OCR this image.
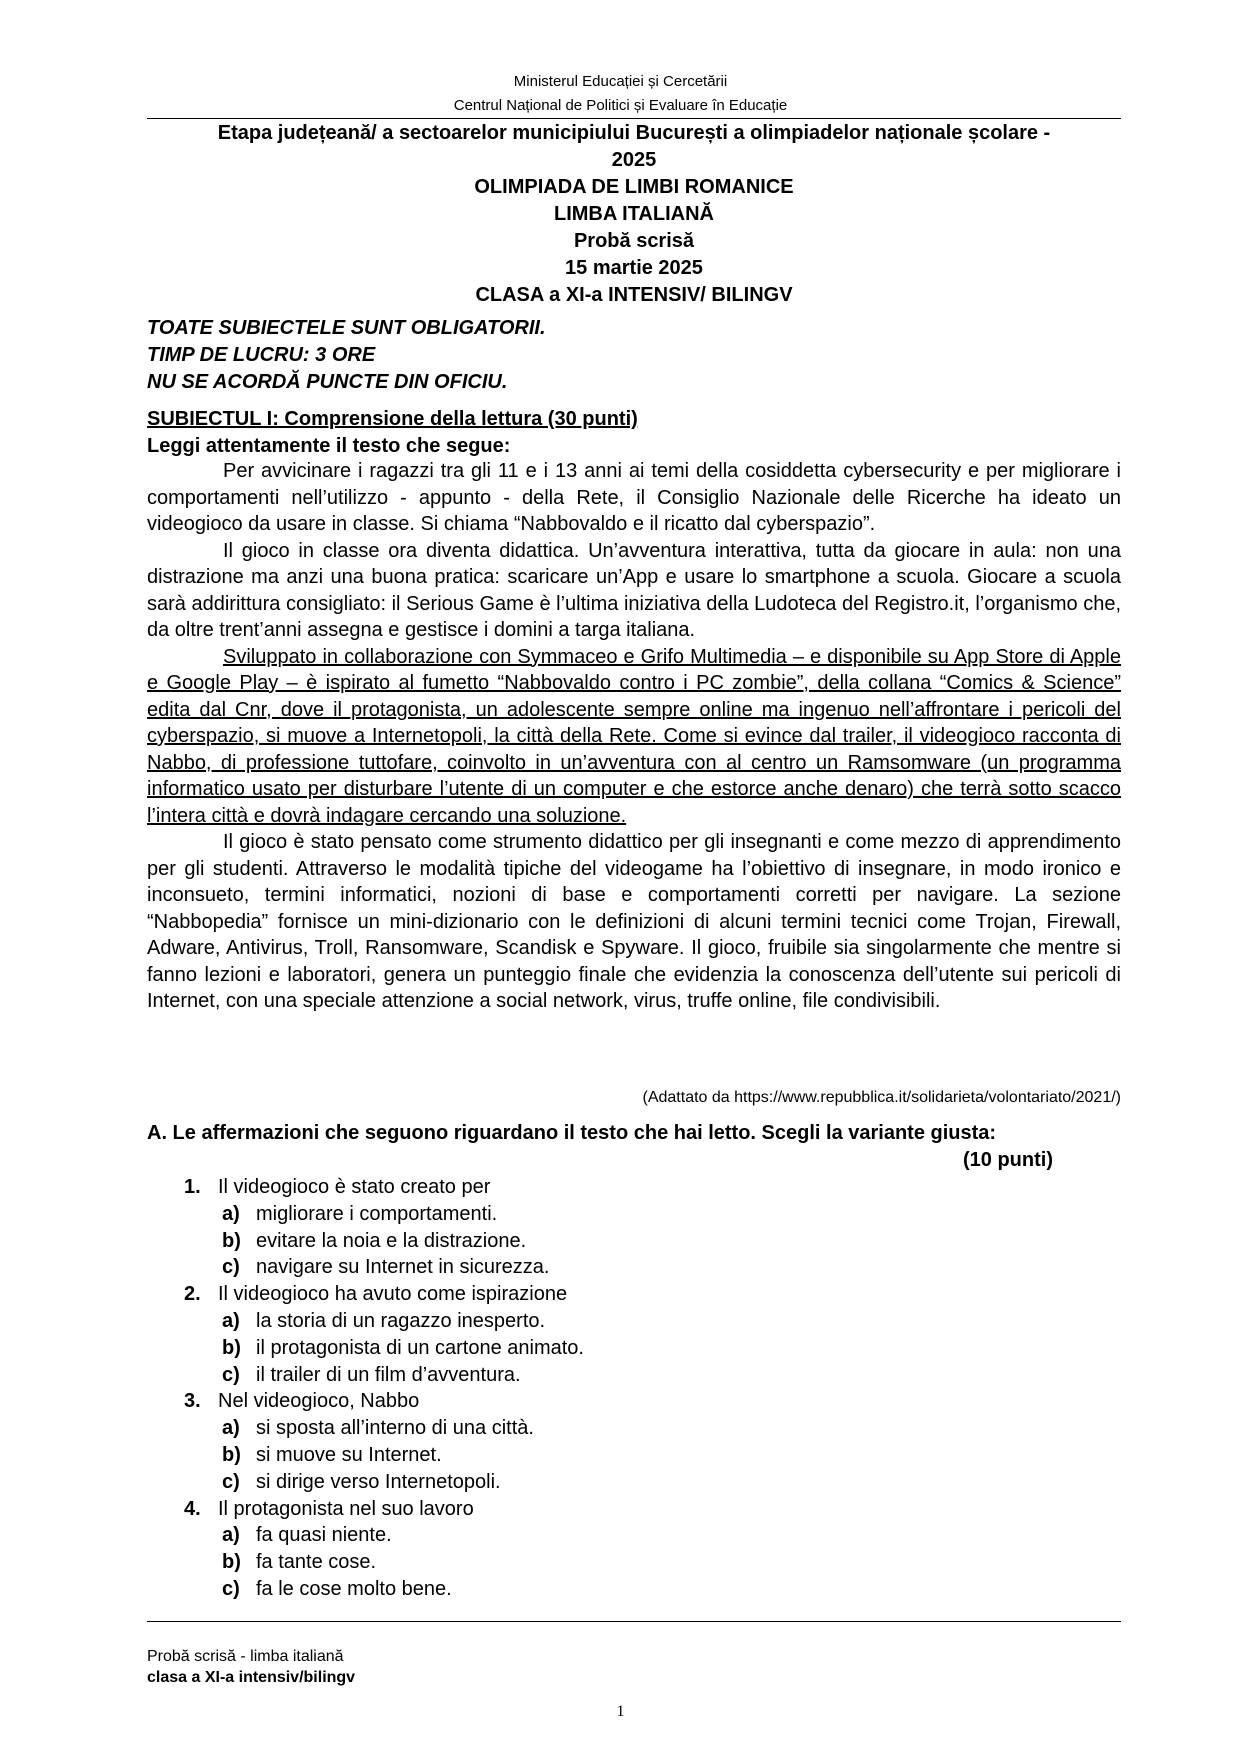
Ministerul Educației și Cercetării
Centrul Național de Politici și Evaluare în Educație
Etapa județeană/ a sectoarelor municipiului București a olimpiadelor naționale școlare -
2025
OLIMPIADA DE LIMBI ROMANICE
LIMBA ITALIANĂ
Probă scrisă
15 martie 2025
CLASA a XI-a INTENSIV/ BILINGV
TOATE SUBIECTELE SUNT OBLIGATORII.
TIMP DE LUCRU: 3 ORE
NU SE ACORDĂ PUNCTE DIN OFICIU.
SUBIECTUL I: Comprensione della lettura (30 punti)
Leggi attentamente il testo che segue:

Per avvicinare i ragazzi tra gli 11 e i 13 anni ai temi della cosiddetta cybersecurity e per migliorare i comportamenti nell’utilizzo - appunto - della Rete, il Consiglio Nazionale delle Ricerche ha ideato un videogioco da usare in classe. Si chiama “Nabbovaldo e il ricatto dal cyberspazio”.

Il gioco in classe ora diventa didattica. Un’avventura interattiva, tutta da giocare in aula: non una distrazione ma anzi una buona pratica: scaricare un’App e usare lo smartphone a scuola. Giocare a scuola sarà addirittura consigliato: il Serious Game è l’ultima iniziativa della Ludoteca del Registro.it, l’organismo che, da oltre trent’anni assegna e gestisce i domini a targa italiana.

Sviluppato in collaborazione con Symmaceo e Grifo Multimedia – e disponibile su App Store di Apple e Google Play – è ispirato al fumetto “Nabbovaldo contro i PC zombie”, della collana “Comics & Science” edita dal Cnr, dove il protagonista, un adolescente sempre online ma ingenuo nell’affrontare i pericoli del cyberspazio, si muove a Internetopoli, la città della Rete. Come si evince dal trailer, il videogioco racconta di Nabbo, di professione tuttofare, coinvolto in un’avventura con al centro un Ramsomware (un programma informatico usato per disturbare l’utente di un computer e che estorce anche denaro) che terrà sotto scacco l’intera città e dovrà indagare cercando una soluzione.

Il gioco è stato pensato come strumento didattico per gli insegnanti e come mezzo di apprendimento per gli studenti. Attraverso le modalità tipiche del videogame ha l’obiettivo di insegnare, in modo ironico e inconsueto, termini informatici, nozioni di base e comportamenti corretti per navigare. La sezione “Nabbopedia” fornisce un mini-dizionario con le definizioni di alcuni termini tecnici come Trojan, Firewall, Adware, Antivirus, Troll, Ransomware, Scandisk e Spyware. Il gioco, fruibile sia singolarmente che mentre si fanno lezioni e laboratori, genera un punteggio finale che evidenzia la conoscenza dell’utente sui pericoli di Internet, con una speciale attenzione a social network, virus, truffe online, file condivisibili.

(Adattato da https://www.repubblica.it/solidarieta/volontariato/2021/)
A. Le affermazioni che seguono riguardano il testo che hai letto. Scegli la variante giusta:
(10 punti)
1. Il videogioco è stato creato per
a) migliorare i comportamenti.
b) evitare la noia e la distrazione.
c) navigare su Internet in sicurezza.
2. Il videogioco ha avuto come ispirazione
a) la storia di un ragazzo inesperto.
b) il protagonista di un cartone animato.
c) il trailer di un film d’avventura.
3. Nel videogioco, Nabbo
a) si sposta all’interno di una città.
b) si muove su Internet.
c) si dirige verso Internetopoli.
4. Il protagonista nel suo lavoro
a) fa quasi niente.
b) fa tante cose.
c) fa le cose molto bene.
Probă scrisă - limba italiană
clasa a XI-a intensiv/bilingv
1
